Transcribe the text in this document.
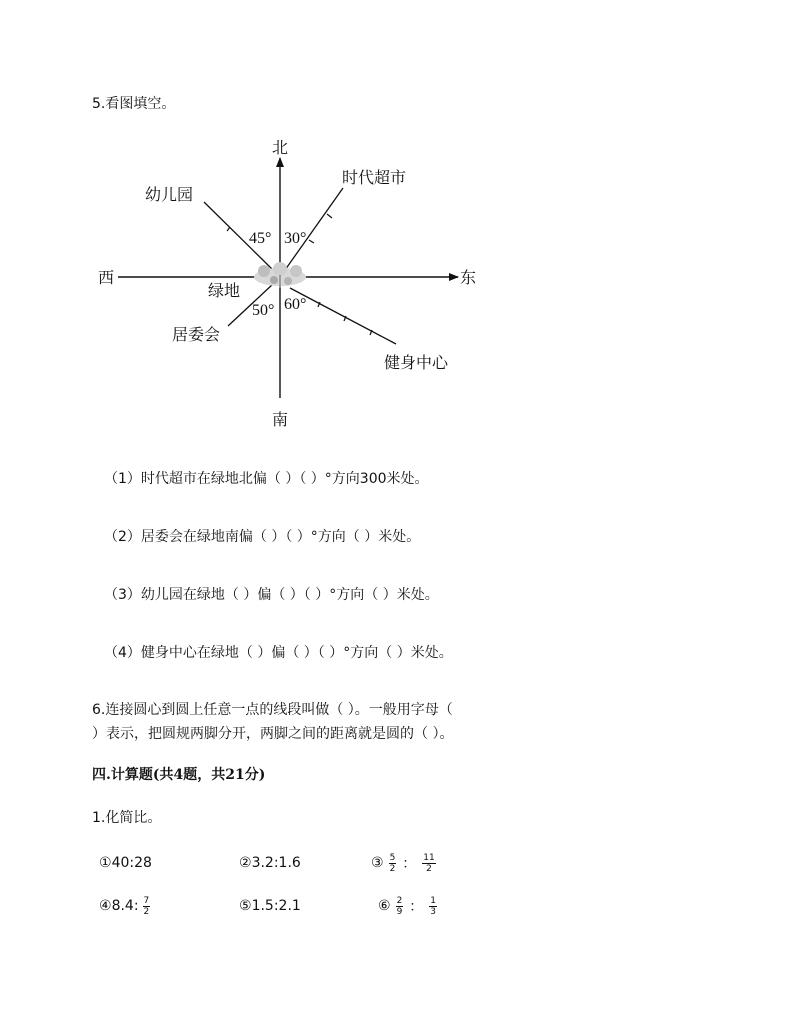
5.看图填空。
北
南
东
西
绿地
时代超市
幼儿园
居委会
健身中心
45° 30°
50° 60°
（1）时代超市在绿地北偏（ ）（ ）°方向300米处。
（2）居委会在绿地南偏（ ）（ ）°方向（ ）米处。
（3）幼儿园在绿地（ ）偏（ ）（ ）°方向（ ）米处。
（4）健身中心在绿地（ ）偏（ ）（ ）°方向（ ）米处。
6.连接圆心到圆上任意一点的线段叫做（ ）。一般用字母（
）表示，把圆规两脚分开，两脚之间的距离就是圆的（ ）。
四.计算题(共4题，共21分)
1.化简比。
① 40:28	② 3.2:1.6	③ $\frac{5}{2}$ ： $\frac{11}{2}$
④ 8.4: $\frac{7}{2}$	⑤ 1.5:2.1	⑥ $\frac{2}{9}$ ： $\frac{1}{3}$
